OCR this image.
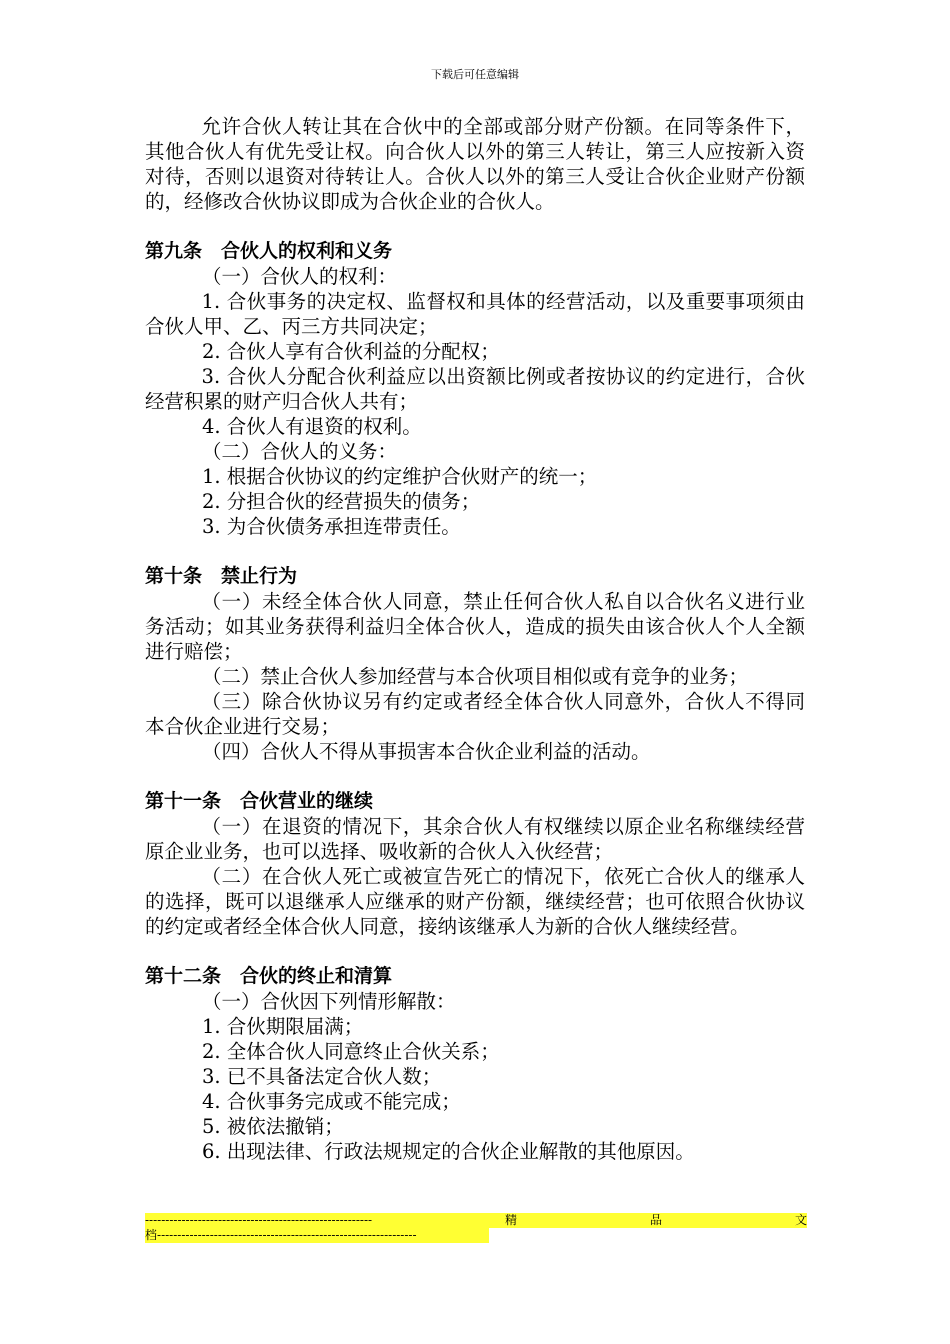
下载后可任意编辑

允许合伙人转让其在合伙中的全部或部分财产份额。在同等条件下，其他合伙人有优先受让权。向合伙人以外的第三人转让，第三人应按新入资对待，否则以退资对待转让人。合伙人以外的第三人受让合伙企业财产份额的，经修改合伙协议即成为合伙企业的合伙人。

第九条　合伙人的权利和义务

（一）合伙人的权利：

1. 合伙事务的决定权、监督权和具体的经营活动，以及重要事项须由合伙人甲、乙、丙三方共同决定；

2. 合伙人享有合伙利益的分配权；

3. 合伙人分配合伙利益应以出资额比例或者按协议的约定进行，合伙经营积累的财产归合伙人共有；

4. 合伙人有退资的权利。

（二）合伙人的义务：

1. 根据合伙协议的约定维护合伙财产的统一；

2. 分担合伙的经营损失的债务；

3. 为合伙债务承担连带责任。

第十条　禁止行为

（一）未经全体合伙人同意，禁止任何合伙人私自以合伙名义进行业务活动；如其业务获得利益归全体合伙人，造成的损失由该合伙人个人全额进行赔偿；

（二）禁止合伙人参加经营与本合伙项目相似或有竞争的业务；

（三）除合伙协议另有约定或者经全体合伙人同意外，合伙人不得同本合伙企业进行交易；

（四）合伙人不得从事损害本合伙企业利益的活动。

第十一条　合伙营业的继续

（一）在退资的情况下，其余合伙人有权继续以原企业名称继续经营原企业业务，也可以选择、吸收新的合伙人入伙经营；

（二）在合伙人死亡或被宣告死亡的情况下，依死亡合伙人的继承人的选择，既可以退继承人应继承的财产份额，继续经营；也可依照合伙协议的约定或者经全体合伙人同意，接纳该继承人为新的合伙人继续经营。

第十二条　合伙的终止和清算

（一）合伙因下列情形解散：

1. 合伙期限届满；

2. 全体合伙人同意终止合伙关系；

3. 已不具备法定合伙人数；

4. 合伙事务完成或不能完成；

5. 被依法撤销；

6. 出现法律、行政法规规定的合伙企业解散的其他原因。

--------------------------------------------------------	精	品	文
档----------------------------------------------------------------
